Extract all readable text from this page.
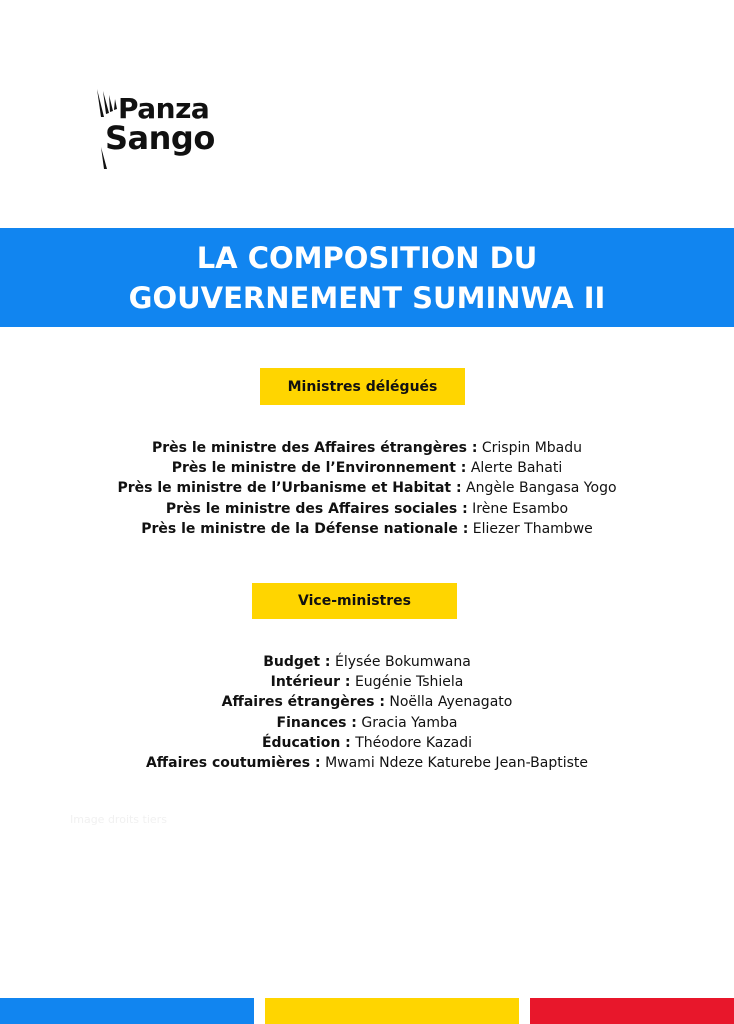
Panza
Sango
LA COMPOSITION DU
GOUVERNEMENT SUMINWA II
Ministres délégués
Près le ministre des Affaires étrangères : Crispin Mbadu
Près le ministre de l’Environnement : Alerte Bahati
Près le ministre de l’Urbanisme et Habitat : Angèle Bangasa Yogo
Près le ministre des Affaires sociales : Irène Esambo
Près le ministre de la Défense nationale : Eliezer Thambwe
Vice-ministres
Budget : Élysée Bokumwana
Intérieur : Eugénie Tshiela
Affaires étrangères : Noëlla Ayenagato
Finances : Gracia Yamba
Éducation : Théodore Kazadi
Affaires coutumières : Mwami Ndeze Katurebe Jean-Baptiste
Image droits tiers
